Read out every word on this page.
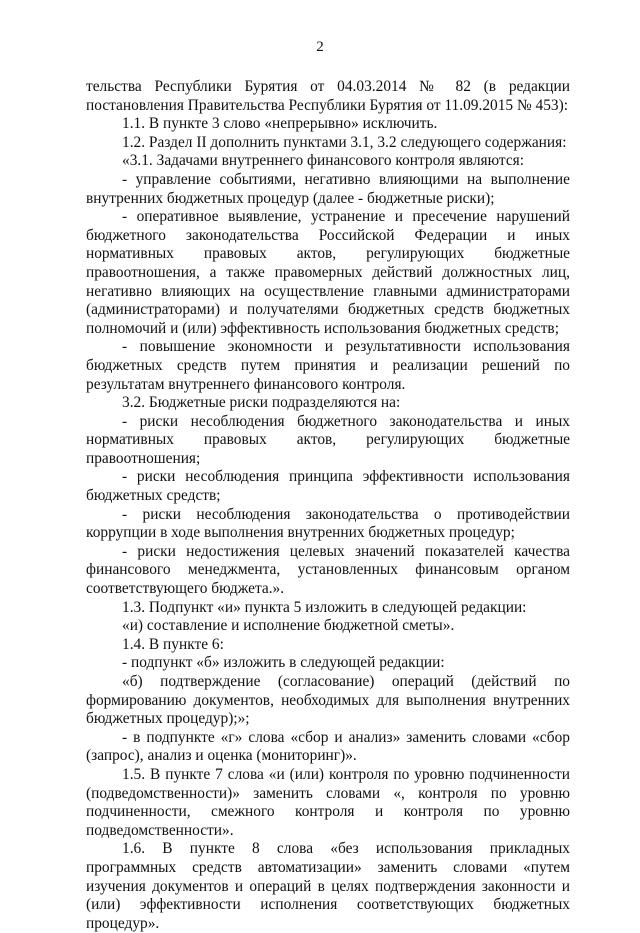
2

тельства Республики Бурятия от 04.03.2014 № 82 (в редакции постановления Правительства Республики Бурятия от 11.09.2015 № 453):

1.1. В пункте 3 слово «непрерывно» исключить.

1.2. Раздел II дополнить пунктами 3.1, 3.2 следующего содержания:

«3.1. Задачами внутреннего финансового контроля являются:

- управление событиями, негативно влияющими на выполнение внутренних бюджетных процедур (далее - бюджетные риски);

- оперативное выявление, устранение и пресечение нарушений бюджетного законодательства Российской Федерации и иных нормативных правовых актов, регулирующих бюджетные правоотношения, а также правомерных действий должностных лиц, негативно влияющих на осуществление главными администраторами (администраторами) и получателями бюджетных средств бюджетных полномочий и (или) эффективность использования бюджетных средств;

- повышение экономности и результативности использования бюджетных средств путем принятия и реализации решений по результатам внутреннего финансового контроля.

3.2. Бюджетные риски подразделяются на:

- риски несоблюдения бюджетного законодательства и иных нормативных правовых актов, регулирующих бюджетные правоотношения;

- риски несоблюдения принципа эффективности использования бюджетных средств;

- риски несоблюдения законодательства о противодействии коррупции в ходе выполнения внутренних бюджетных процедур;

- риски недостижения целевых значений показателей качества финансового менеджмента, установленных финансовым органом соответствующего бюджета.».

1.3. Подпункт «и» пункта 5 изложить в следующей редакции:

«и) составление и исполнение бюджетной сметы».

1.4. В пункте 6:

- подпункт «б» изложить в следующей редакции:

«б) подтверждение (согласование) операций (действий по формированию документов, необходимых для выполнения внутренних бюджетных процедур);»;

- в подпункте «г» слова «сбор и анализ» заменить словами «сбор (запрос), анализ и оценка (мониторинг)».

1.5. В пункте 7 слова «и (или) контроля по уровню подчиненности (подведомственности)» заменить словами «, контроля по уровню подчиненности, смежного контроля и контроля по уровню подведомственности».

1.6. В пункте 8 слова «без использования прикладных программных средств автоматизации» заменить словами «путем изучения документов и операций в целях подтверждения законности и (или) эффективности исполнения соответствующих бюджетных процедур».
